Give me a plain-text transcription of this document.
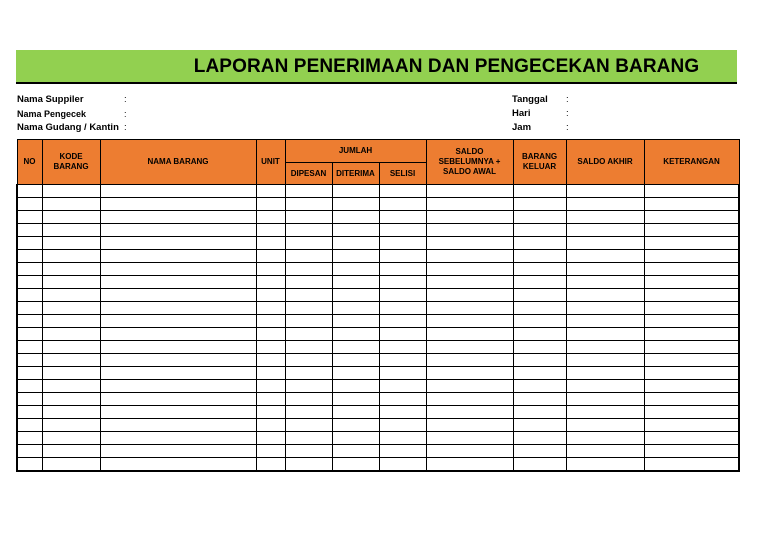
LAPORAN PENERIMAAN DAN PENGECEKAN BARANG
Nama Suppiler	:
Nama Pengecek	:
Nama Gudang / Kantin :
Tanggal :
Hari	:
Jam	:
NO	KODE BARANG	NAMA BARANG	UNIT	JUMLAH			SALDO SEBELUMNYA + SALDO AWAL	BARANG KELUAR	SALDO AKHIR	KETERANGAN
				DIPESAN	DITERIMA	SELISI				
